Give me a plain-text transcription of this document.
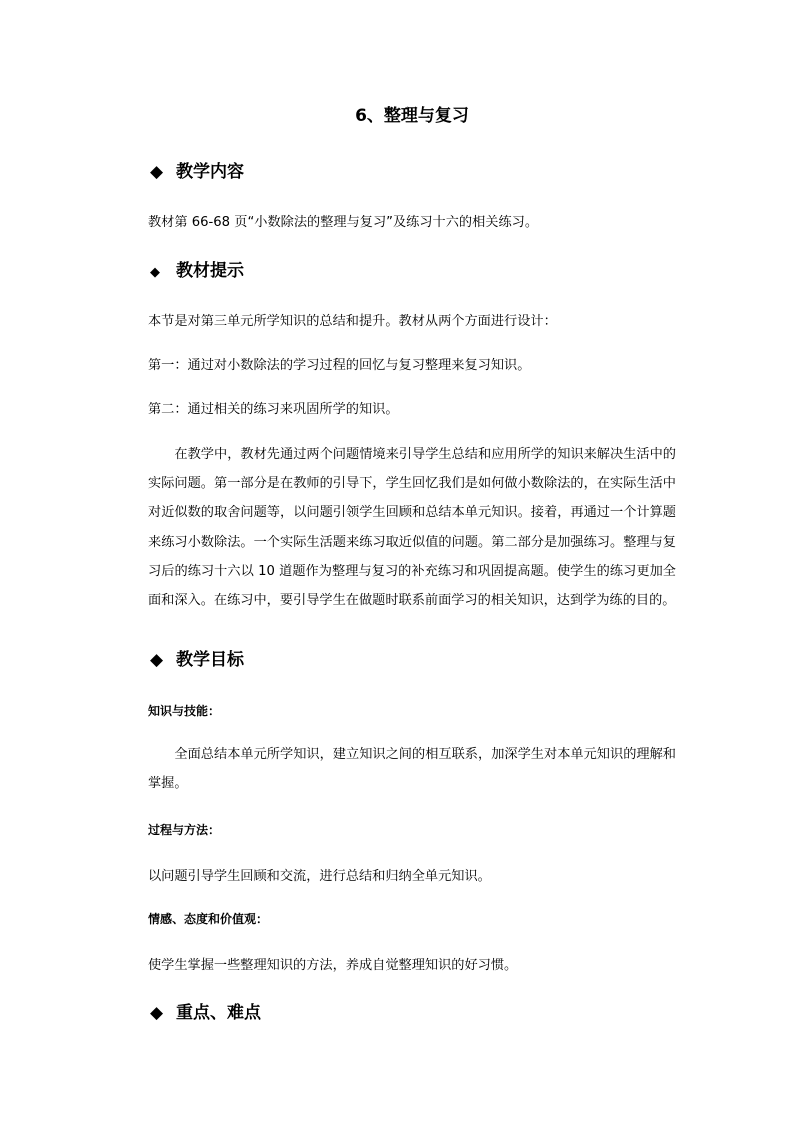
6、整理与复习
◆ 教学内容
教材第 66-68 页“小数除法的整理与复习”及练习十六的相关练习。
◆ 教材提示
本节是对第三单元所学知识的总结和提升。教材从两个方面进行设计：
第一：通过对小数除法的学习过程的回忆与复习整理来复习知识。
第二：通过相关的练习来巩固所学的知识。
在教学中，教材先通过两个问题情境来引导学生总结和应用所学的知识来解决生活中的实际问题。第一部分是在教师的引导下，学生回忆我们是如何做小数除法的，在实际生活中对近似数的取舍问题等，以问题引领学生回顾和总结本单元知识。接着，再通过一个计算题来练习小数除法。一个实际生活题来练习取近似值的问题。第二部分是加强练习。整理与复习后的练习十六以 10 道题作为整理与复习的补充练习和巩固提高题。使学生的练习更加全面和深入。在练习中，要引导学生在做题时联系前面学习的相关知识，达到学为练的目的。
◆ 教学目标
知识与技能：
全面总结本单元所学知识，建立知识之间的相互联系，加深学生对本单元知识的理解和掌握。
过程与方法：
以问题引导学生回顾和交流，进行总结和归纳全单元知识。
情感、态度和价值观：
使学生掌握一些整理知识的方法，养成自觉整理知识的好习惯。
◆ 重点、难点
